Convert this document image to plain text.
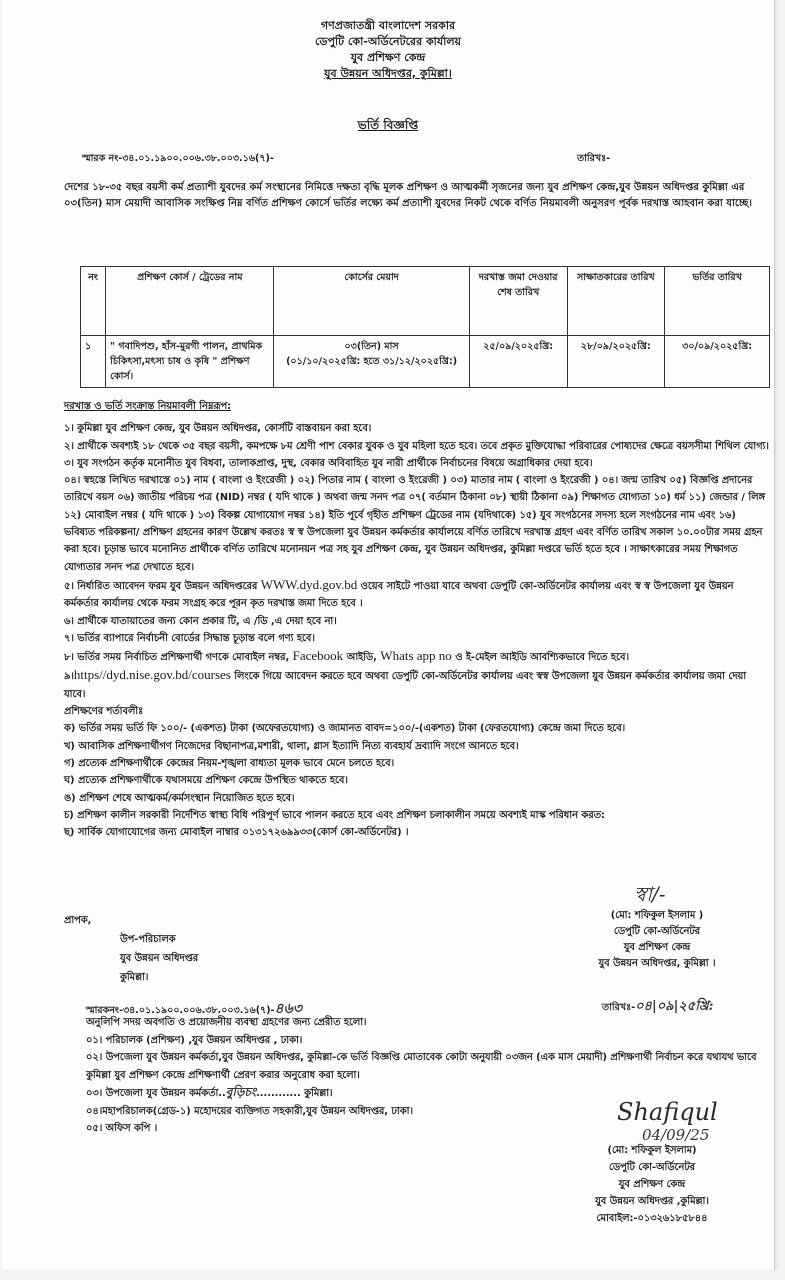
গণপ্রজাতন্ত্রী বাংলাদেশ সরকার
ডেপুটি কো-অর্ডিনেটরের কার্যালয়
যুব প্রশিক্ষণ কেন্দ্র
যুব উন্নয়ন অধিদপ্তর, কুমিল্লা।
ভর্তি বিজ্ঞপ্তি
স্মারক নং-৩৪.০১.১৯০০.০০৬.৩৮.০০৩.১৬(৭)-	তারিখঃ-
দেশের ১৮-৩৫ বছর বয়সী কর্ম প্রত্যাশী যুবদের কর্ম সংস্থানের নিমিত্তে দক্ষতা বৃদ্ধি মূলক প্রশিক্ষণ ও আত্মকর্মী সৃজনের জন্য যুব প্রশিক্ষণ কেন্দ্র,যুব উন্নয়ন অধিদপ্তর কুমিল্লা এর ০৩(তিন) মাস মেয়াদী আবাসিক সংক্ষিপ্ত নিম্ন বর্ণিত প্রশিক্ষণ কোর্সে ভর্তির লক্ষ্যে কর্ম প্রত্যাশী যুবদের নিকট থেকে বর্ণিত নিয়মাবলী অনুসরণ পূর্বক দরখাস্ত আহবান করা যাচ্ছে।
নং	প্রশিক্ষণ কোর্স / ট্রেডের নাম	কোর্সের মেয়াদ	দরখাস্ত জমা দেওয়ার শেষ তারিখ	সাক্ষাতকারের তারিখ	ভর্তির তারিখ
১	" গবাদিপশু, হাঁস-মুরগী পালন, প্রাথমিক চিকিৎসা,মৎস্য চাষ ও কৃষি " প্রশিক্ষণ কোর্স।	০৩(তিন) মাস
(০১/১০/২০২৫খ্রি: হতে ৩১/১২/২০২৫খ্রি:)	২৫/০৯/২০২৫খ্রি:	২৮/০৯/২০২৫খ্রি:	৩০/০৯/২০২৫খ্রি:
দরখাস্ত ও ভর্তি সংক্রান্ত নিয়মাবলী নিম্নরূপ:
১। কুমিল্লা যুব প্রশিক্ষণ কেন্দ্র, যুব উন্নয়ন অধিদপ্তর, কোর্সটি বাস্তবায়ন করা হবে।
২। প্রার্থীকে অবশ্যই ১৮ থেকে ৩৫ বছর বয়সী, কমপক্ষে ৮ম শ্রেণী পাশ বেকার যুবক ও যুব মহিলা হতে হবে। তবে প্রকৃত মুক্তিযোদ্ধা পরিবারের পোষ্যদের ক্ষেত্রে বয়সসীমা শিথিল যোগ্য।
৩। যুব সংগঠন কর্তৃক মনোনীত যুব বিধবা, তালাকপ্রাপ্ত, দুস্থ, বেকার অবিবাহিত যুব নারী প্রার্থীকে নির্বাচনের বিষয়ে অগ্রাধিকার দেয়া হবে।
০৪। স্বহস্তে লিখিত দরখাস্তে ০১) নাম ( বাংলা ও ইংরেজী ) ০২) পিতার নাম ( বাংলা ও ইংরেজী ) ০৩) মাতার নাম ( বাংলা ও ইংরেজী ) ০৪। জন্ম তারিখ ০৫) বিজ্ঞপ্তি প্রদানের তারিখে বয়স ০৬) জাতীয় পরিচয় পত্র (NID) নম্বর ( যদি থাকে ) অথবা জন্ম সনদ পত্র ০৭( বর্তমান ঠিকানা ০৮) স্থায়ী ঠিকানা ০৯) শিক্ষাগত যোগ্যতা ১০) ধর্ম ১১) জেন্ডার / লিঙ্গ ১২) মোবাইল নম্বর ( যদি থাকে ) ১৩) বিকল্প যোগাযোগ নম্বর ১৪) ইতি পূর্বে গৃহীত প্রশিক্ষণ ট্রেডের নাম (যদিথাকে) ১৫) যুব সংগঠনের সদস্য হলে সংগঠনের নাম এবং ১৬) ভবিষ্যত পরিকল্পনা/ প্রশিক্ষণ গ্রহনের কারণ উল্লেখ করতঃ স্ব স্ব উপজেলা যুব উন্নয়ন কর্মকর্তার কার্যালয়ে বর্ণিত তারিখে দরখাস্ত গ্রহণ এবং বর্ণিত তারিখ সকাল ১০.০০টার সময় গ্রহন করা হবে। চূড়ান্ত ভাবে মনোনিত প্রার্থীকে বর্ণিত তারিখে মনোনয়ন পত্র সহ যুব প্রশিক্ষণ কেন্দ্র, যুব উন্নয়ন অধিদপ্তর, কুমিল্লা দপ্তরে ভর্তি হতে হবে । সাক্ষাৎকারের সময় শিক্ষাগত যোগ্যতার সনদ পত্র দেখাতে হবে।
৫। নির্ধারিত আবেদন ফরম যুব উন্নয়ন অধিদপ্তরের WWW.dyd.gov.bd ওয়েব সাইটে পাওয়া যাবে অথবা ডেপুটি কো-অর্ডিনেটর কার্যালয় এবং স্ব স্ব উপজেলা যুব উন্নয়ন কর্মকর্তার কার্যালয় থেকে ফরম সংগ্রহ করে পূরন কৃত দরখাস্ত জমা দিতে হবে ।
৬। প্রার্থীকে যাতায়াতের জন্য কোন প্রকার টি, এ /ডি ,এ দেয়া হবে না।
৭। ভর্তির ব্যাপারে নির্বাচনী বোর্ডের সিদ্ধান্ত চূড়ান্ত বলে গণ্য হবে।
৮। ভর্তির সময় নির্বাচিত প্রশিক্ষণার্থী গণকে মোবাইল নম্বর, Facebook আইডি, Whats app no ও ই-মেইল আইডি আবশ্যিকভাবে দিতে হবে।
৯।https//dyd.nise.gov.bd/courses লিংকে গিয়ে আবেদন করতে হবে অথবা ডেপুটি কো-অর্ডিনেটর কার্যালয় এবং স্বস্ব উপজেলা যুব উন্নয়ন কর্মকর্তার কার্যালয় জমা দেয়া যাবে।
প্রশিক্ষণের শর্তাবলীঃ
ক) ভর্তির সময় ভর্তি ফি ১০০/- (একশত) টাকা (অফেরতযোগ্য) ও জামানত বাবদ=১০০/-(একশত) টাকা (ফেরতযোগ্য) কেন্দ্রে জমা দিতে হবে।
খ) আবাসিক প্রশিক্ষণার্থীগণ নিজেদের বিছানাপত্র,মশারী, থালা, গ্লাস ইত্যাদি নিত্য ব্যবহার্য দ্রব্যাদি সংগে আনতে হবে।
গ) প্রত্যেক প্রশিক্ষণার্থীকে কেন্দ্রের নিয়ম-শৃঙ্খলা বাধ্যতা মূলক ভাবে মেনে চলতে হবে।
ঘ) প্রত্যেক প্রশিক্ষণার্থীকে যথাসময়ে প্রশিক্ষণ কেন্দ্রে উপস্থিত থাকতে হবে।
ঙ) প্রশিক্ষণ শেষে আত্মকর্ম/কর্মসংস্থান নিয়োজিত হতে হবে।
চ) প্রশিক্ষণ কালীন সরকারী নির্দেশিত স্বাস্থ্য বিধি পরিপূর্ণ ভাবে পালন করতে হবে এবং প্রশিক্ষণ চলাকালীন সময়ে অবশ্যই মাস্ক পরিধান করত:
ছ) সার্বিক যোগাযোগের জন্য মোবাইল নাম্বার ০১৩১৭২৬৯৯৩৩(কোর্স কো-অর্ডিনেটর) ।
স্বা/-
(মো: শফিকুল ইসলাম )
ডেপুটি কো-অর্ডিনেটর
যুব প্রশিক্ষণ কেন্দ্র
যুব উন্নয়ন অধিদপ্তর, কুমিল্লা ।
প্রাপক,
উপ-পরিচালক
যুব উন্নয়ন অধিদপ্তর
কুমিল্লা।
স্মারকনং-৩৪.০১.১৯০০.০০৬.৩৮.০০৩.১৬(৭)-৪৬৩	তারিখঃ-০৪|০৯|২৫খ্রি:
অনুলিপি সদয় অবগতি ও প্রয়োজনীয় ব্যবস্থা গ্রহণের জন্য প্রেরীত হলো।
০১। পরিচালক (প্রশিক্ষণ) ,যুব উন্নয়ন অধিদপ্তর , ঢাকা।
০২। উপজেলা যুব উন্নয়ন কর্মকর্তা,যুব উন্নয়ন অধিদপ্তর, কুমিল্লা-কে ভর্তি বিজ্ঞপ্তি মোতাবেক কোটা অনুযায়ী ০৩জন (এক মাস মেয়াদী) প্রশিক্ষণার্থী নির্বাচন করে যথাযথ ভাবে কুমিল্লা যুব প্রশিক্ষণ কেন্দ্রে প্রশিক্ষণার্থী প্রেরণ করার অনুরোধ করা হলো।
০৩। উপজেলা যুব উন্নয়ন কর্মকর্তা..বুড়িচং............ কুমিল্লা।
০৪।মহাপরিচালক(গ্রেড-১) মহোদয়ের ব্যক্তিগত সহকারী,যুব উন্নয়ন অধিদপ্তর, ঢাকা।
০৫। অফিস কপি ।
Shafiqul
04/09/25
(মো: শফিকুল ইসলাম)
ডেপুটি কো-অর্ডিনেটর
যুব প্রশিক্ষণ কেন্দ্র
যুব উন্নয়ন অধিদপ্তর ,কুমিল্লা।
মোবাইল:-০১৩২৬১৮৫৮৪৪
